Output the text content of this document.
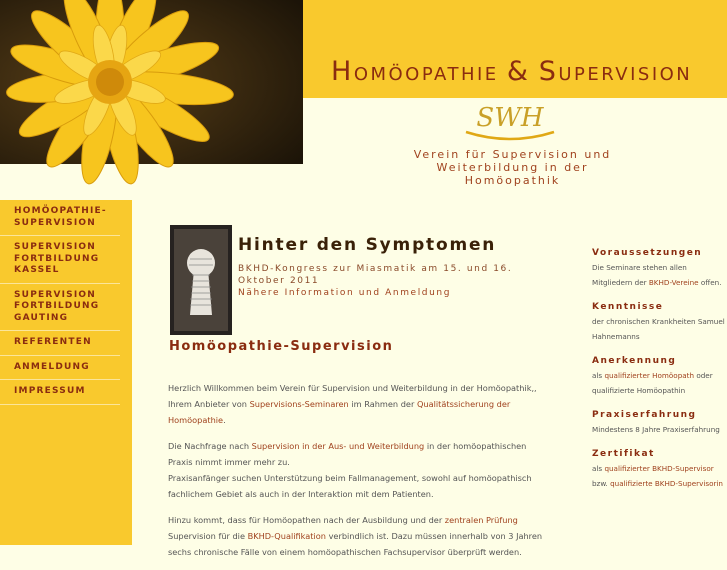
HOMÖOPATHIE & SUPERVISION
SWH
Verein für Supervision und Weiterbildung in der Homöopathik
HOMÖOPATHIE-SUPERVISION
SUPERVISION FORTBILDUNG KASSEL
SUPERVISION FORTBILDUNG GAUTING
REFERENTEN
ANMELDUNG
IMPRESSUM
Hinter den Symptomen
BKHD-Kongress zur Miasmatik am 15. und 16.
Oktober 2011
Nähere Information und Anmeldung
Homöopathie-Supervision

Herzlich Willkommen beim Verein für Supervision und Weiterbildung in der Homöopathik,, Ihrem Anbieter von Supervisions-Seminaren im Rahmen der Qualitätssicherung der Homöopathie.

Die Nachfrage nach Supervision in der Aus- und Weiterbildung in der homöopathischen Praxis nimmt immer mehr zu.
Praxisanfänger suchen Unterstützung beim Fallmanagement, sowohl auf homöopathisch fachlichem Gebiet als auch in der Interaktion mit dem Patienten.

Hinzu kommt, dass für Homöopathen nach der Ausbildung und der zentralen Prüfung Supervision für die BKHD-Qualifikation verbindlich ist. Dazu müssen innerhalb von 3 Jahren sechs chronische Fälle von einem homöopathischen Fachsupervisor überprüft werden.

Voraussetzungen
Die Seminare stehen allen Mitgliedern der BKHD-Vereine offen.
Kenntnisse
der chronischen Krankheiten Samuel Hahnemanns
Anerkennung
als qualifizierter Homöopath oder qualifizierte Homöopathin
Praxiserfahrung
Mindestens 8 Jahre Praxiserfahrung
Zertifikat
als qualifizierter BKHD-Supervisor bzw. qualifizierte BKHD-Supervisorin
